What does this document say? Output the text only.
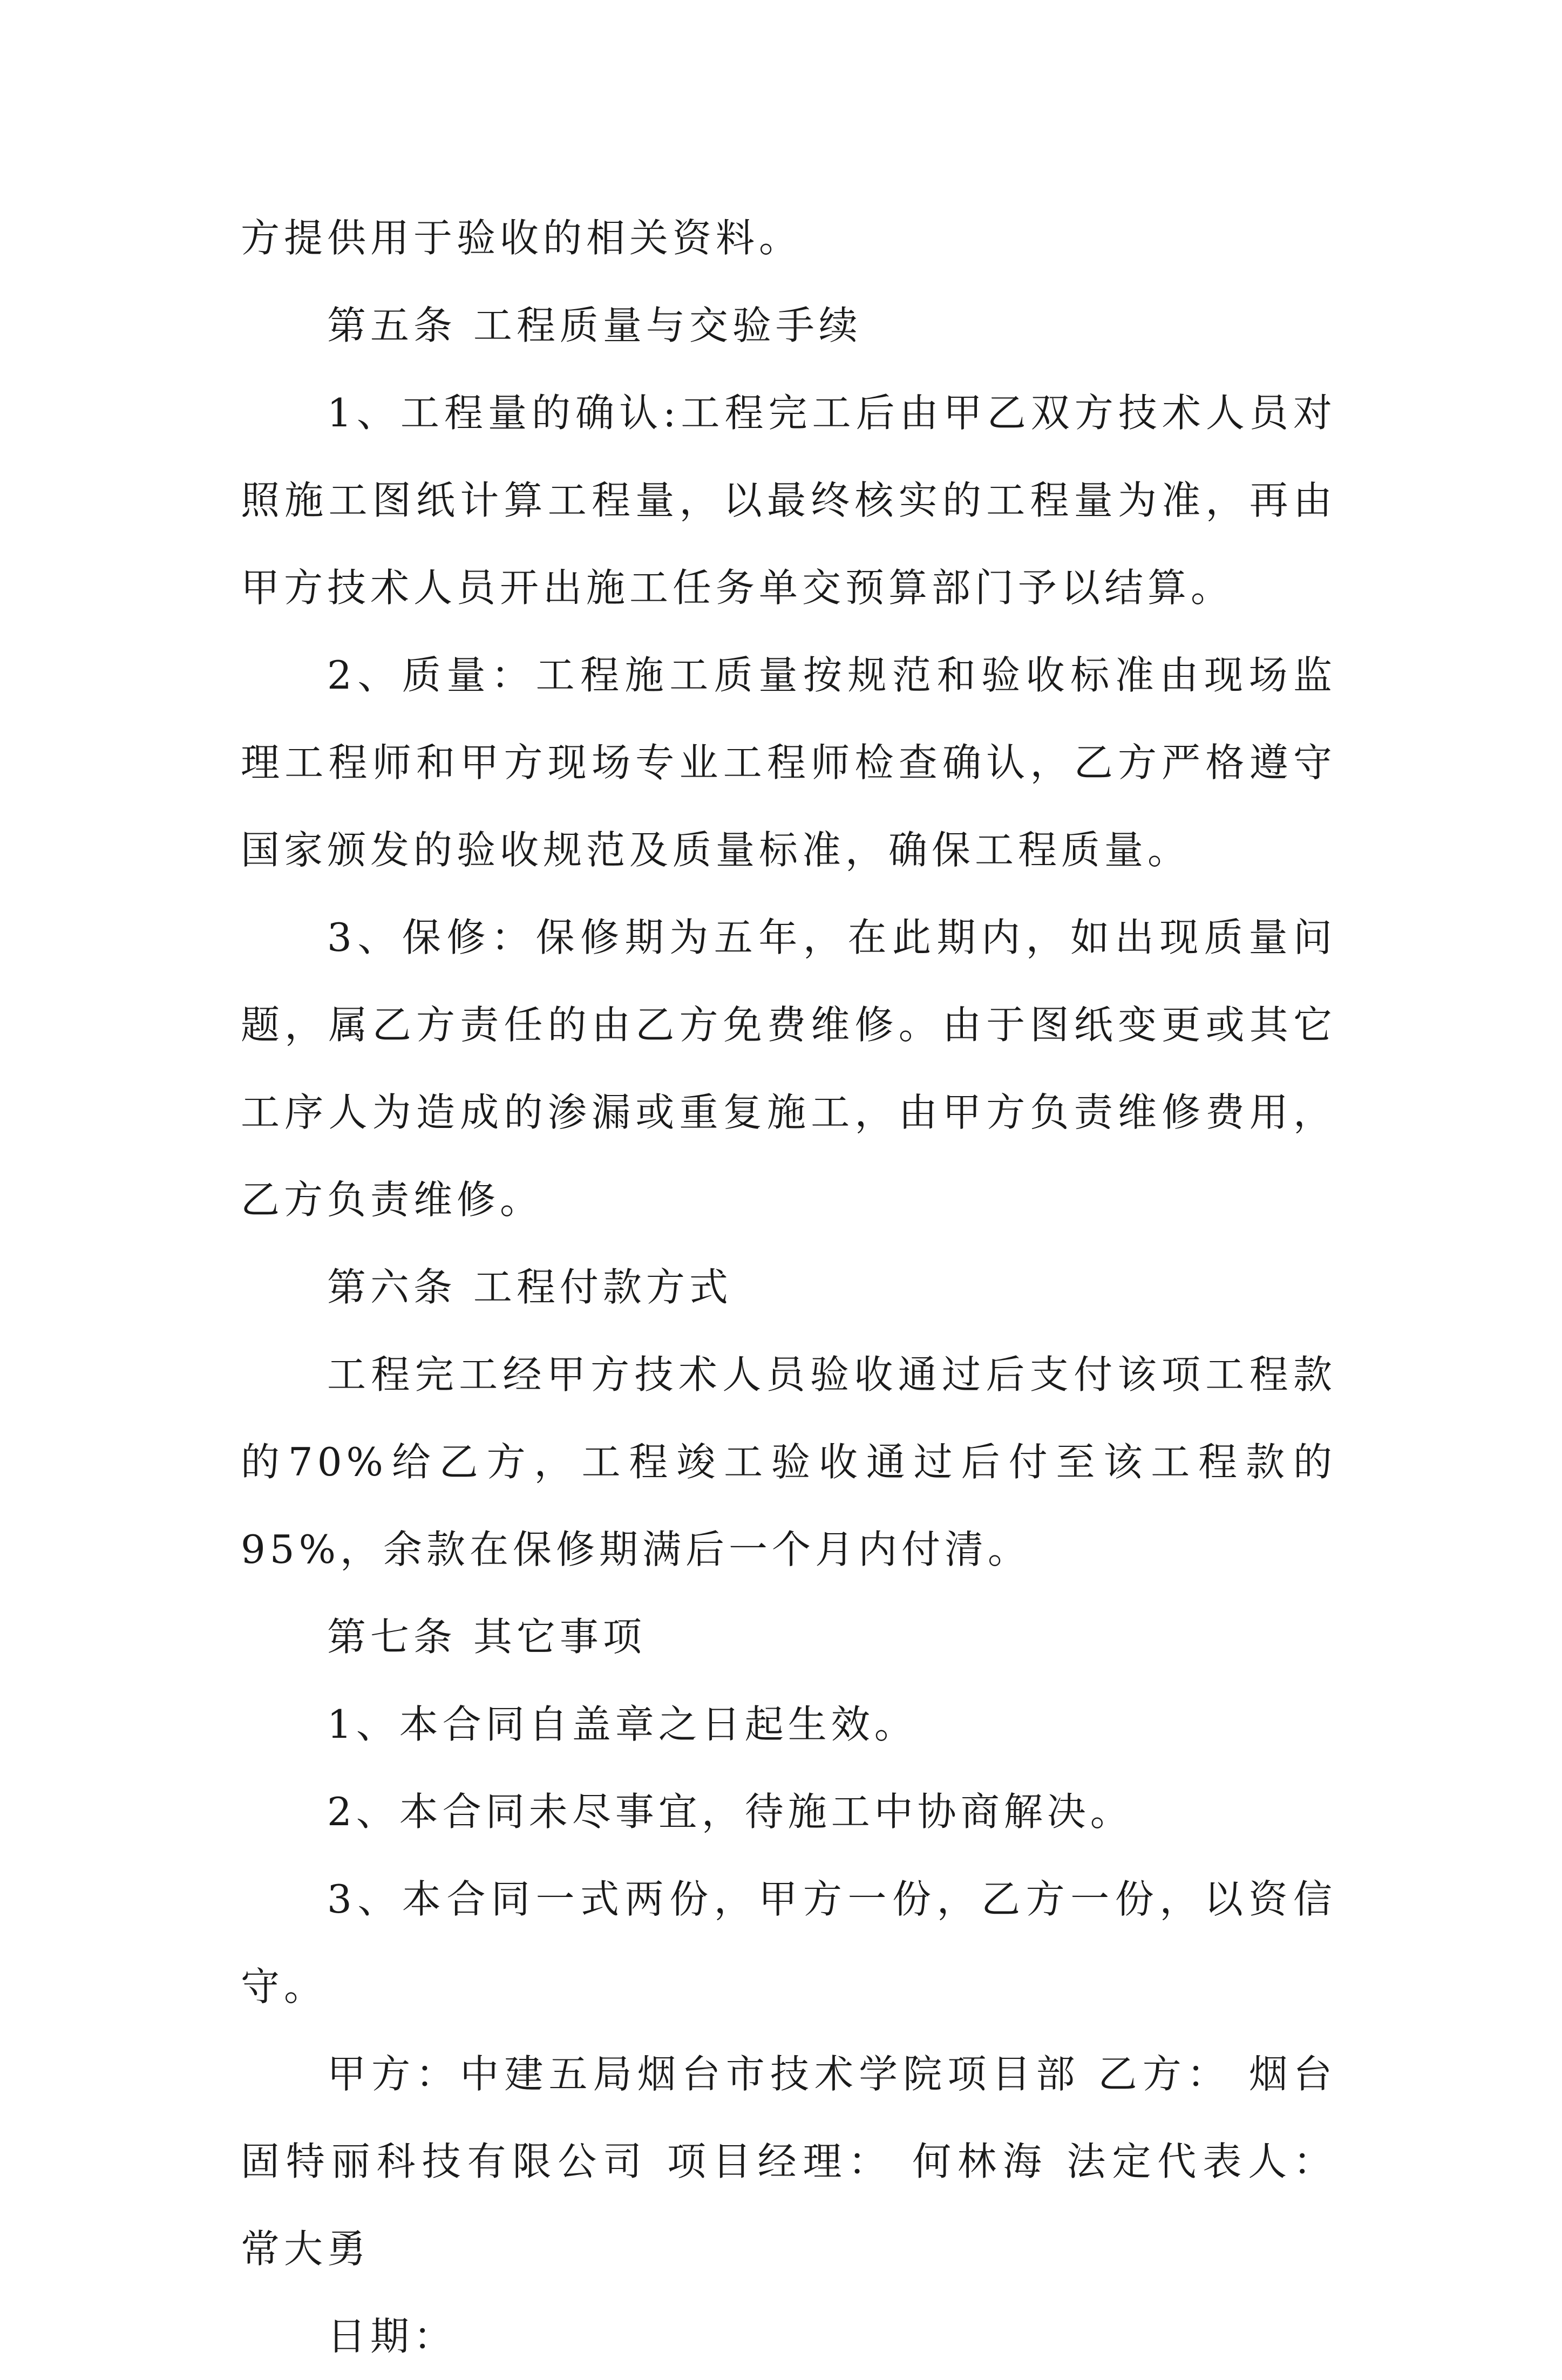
方提供用于验收的相关资料。

第五条 工程质量与交验手续

1、工程量的确认:工程完工后由甲乙双方技术人员对照施工图纸计算工程量，以最终核实的工程量为准，再由甲方技术人员开出施工任务单交预算部门予以结算。

2、质量：工程施工质量按规范和验收标准由现场监理工程师和甲方现场专业工程师检查确认，乙方严格遵守国家颁发的验收规范及质量标准，确保工程质量。

3、保修：保修期为五年，在此期内，如出现质量问题，属乙方责任的由乙方免费维修。由于图纸变更或其它工序人为造成的渗漏或重复施工，由甲方负责维修费用，乙方负责维修。

第六条 工程付款方式

工程完工经甲方技术人员验收通过后支付该项工程款的70%给乙方，工程竣工验收通过后付至该工程款的95%，余款在保修期满后一个月内付清。

第七条 其它事项

1、本合同自盖章之日起生效。

2、本合同未尽事宜，待施工中协商解决。

3、本合同一式两份，甲方一份，乙方一份，以资信守。

甲方：中建五局烟台市技术学院项目部 乙方： 烟台固特丽科技有限公司 项目经理： 何林海 法定代表人： 常大勇

日期：
